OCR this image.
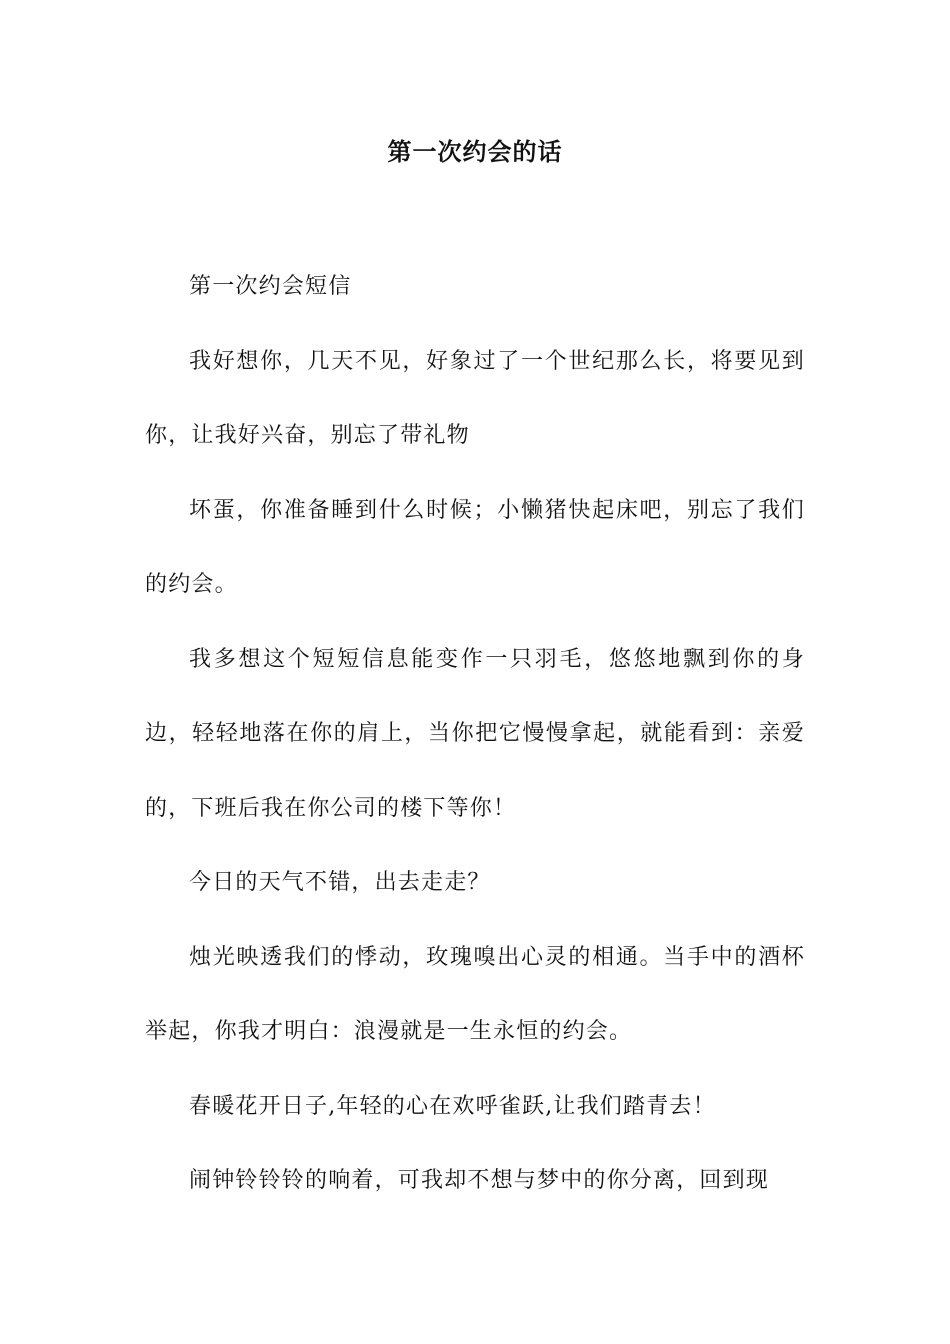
第一次约会的话

第一次约会短信

我好想你，几天不见，好象过了一个世纪那么长，将要见到你，让我好兴奋，别忘了带礼物

坏蛋，你准备睡到什么时候；小懒猪快起床吧，别忘了我们的约会。

我多想这个短短信息能变作一只羽毛，悠悠地飘到你的身边，轻轻地落在你的肩上，当你把它慢慢拿起，就能看到：亲爱的，下班后我在你公司的楼下等你！

今日的天气不错，出去走走？

烛光映透我们的悸动，玫瑰嗅出心灵的相通。当手中的酒杯举起，你我才明白：浪漫就是一生永恒的约会。

春暖花开日子,年轻的心在欢呼雀跃,让我们踏青去！

闹钟铃铃铃的响着，可我却不想与梦中的你分离，回到现
